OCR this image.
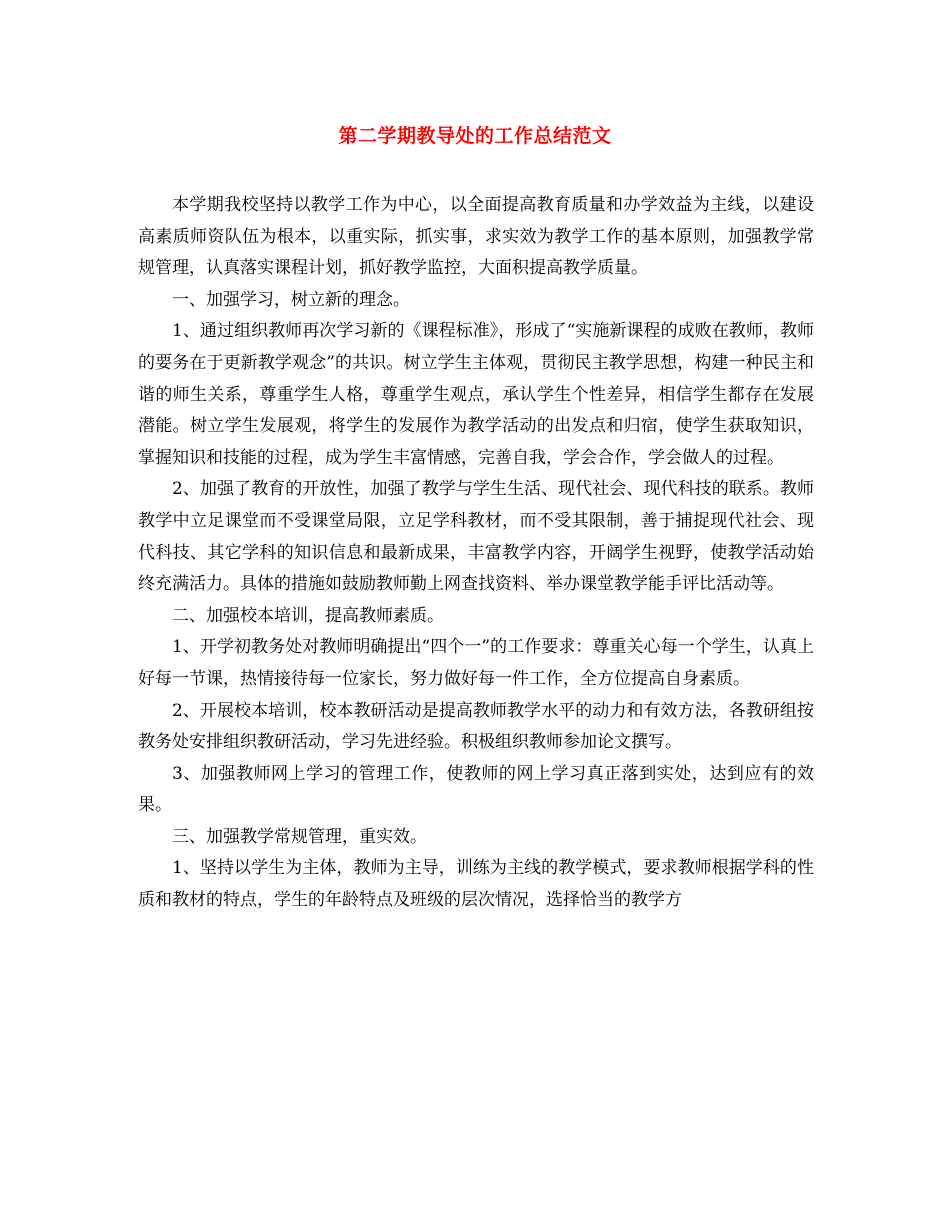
第二学期教导处的工作总结范文

本学期我校坚持以教学工作为中心，以全面提高教育质量和办学效益为主线，以建设高素质师资队伍为根本，以重实际，抓实事，求实效为教学工作的基本原则，加强教学常规管理，认真落实课程计划，抓好教学监控，大面积提高教学质量。

一、加强学习，树立新的理念。

1、通过组织教师再次学习新的《课程标准》，形成了“实施新课程的成败在教师，教师的要务在于更新教学观念”的共识。树立学生主体观，贯彻民主教学思想，构建一种民主和谐的师生关系，尊重学生人格，尊重学生观点，承认学生个性差异，相信学生都存在发展潜能。树立学生发展观，将学生的发展作为教学活动的出发点和归宿，使学生获取知识，掌握知识和技能的过程，成为学生丰富情感，完善自我，学会合作，学会做人的过程。

2、加强了教育的开放性，加强了教学与学生生活、现代社会、现代科技的联系。教师教学中立足课堂而不受课堂局限，立足学科教材，而不受其限制，善于捕捉现代社会、现代科技、其它学科的知识信息和最新成果，丰富教学内容，开阔学生视野，使教学活动始终充满活力。具体的措施如鼓励教师勤上网查找资料、举办课堂教学能手评比活动等。

二、加强校本培训，提高教师素质。

1、开学初教务处对教师明确提出“四个一”的工作要求：尊重关心每一个学生，认真上好每一节课，热情接待每一位家长，努力做好每一件工作，全方位提高自身素质。

2、开展校本培训，校本教研活动是提高教师教学水平的动力和有效方法，各教研组按教务处安排组织教研活动，学习先进经验。积极组织教师参加论文撰写。

3、加强教师网上学习的管理工作，使教师的网上学习真正落到实处，达到应有的效果。

三、加强教学常规管理，重实效。

1、坚持以学生为主体，教师为主导，训练为主线的教学模式，要求教师根据学科的性质和教材的特点，学生的年龄特点及班级的层次情况，选择恰当的教学方
